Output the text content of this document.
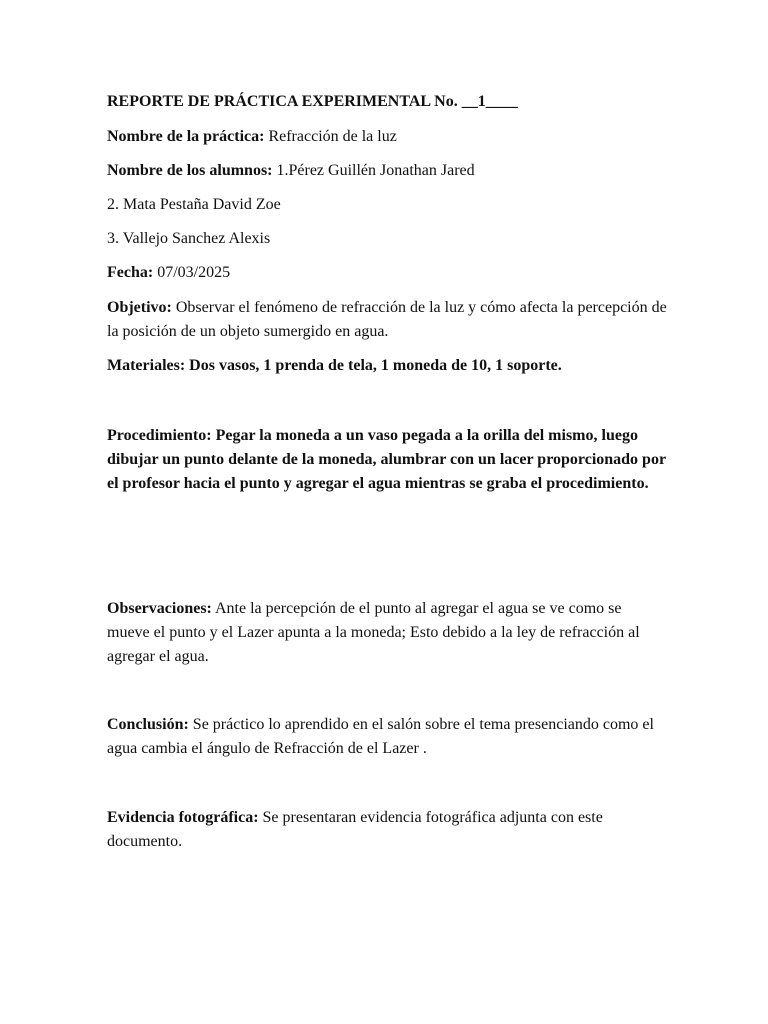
REPORTE DE PRÁCTICA EXPERIMENTAL No. __1____

Nombre de la práctica: Refracción de la luz

Nombre de los alumnos: 1.Pérez Guillén Jonathan Jared

2. Mata Pestaña David Zoe

3. Vallejo Sanchez Alexis

Fecha: 07/03/2025

Objetivo: Observar el fenómeno de refracción de la luz y cómo afecta la percepción de la posición de un objeto sumergido en agua.

Materiales: Dos vasos, 1 prenda de tela, 1 moneda de 10, 1 soporte.

Procedimiento: Pegar la moneda a un vaso pegada a la orilla del mismo, luego dibujar un punto delante de la moneda, alumbrar con un lacer proporcionado por el profesor hacia el punto y agregar el agua mientras se graba el procedimiento.

Observaciones: Ante la percepción de el punto al agregar el agua se ve como se mueve el punto y el Lazer apunta a la moneda; Esto debido a la ley de refracción al agregar el agua.

Conclusión: Se práctico lo aprendido en el salón sobre el tema presenciando como el agua cambia el ángulo de Refracción de el Lazer .

Evidencia fotográfica: Se presentaran evidencia fotográfica adjunta con este documento.
